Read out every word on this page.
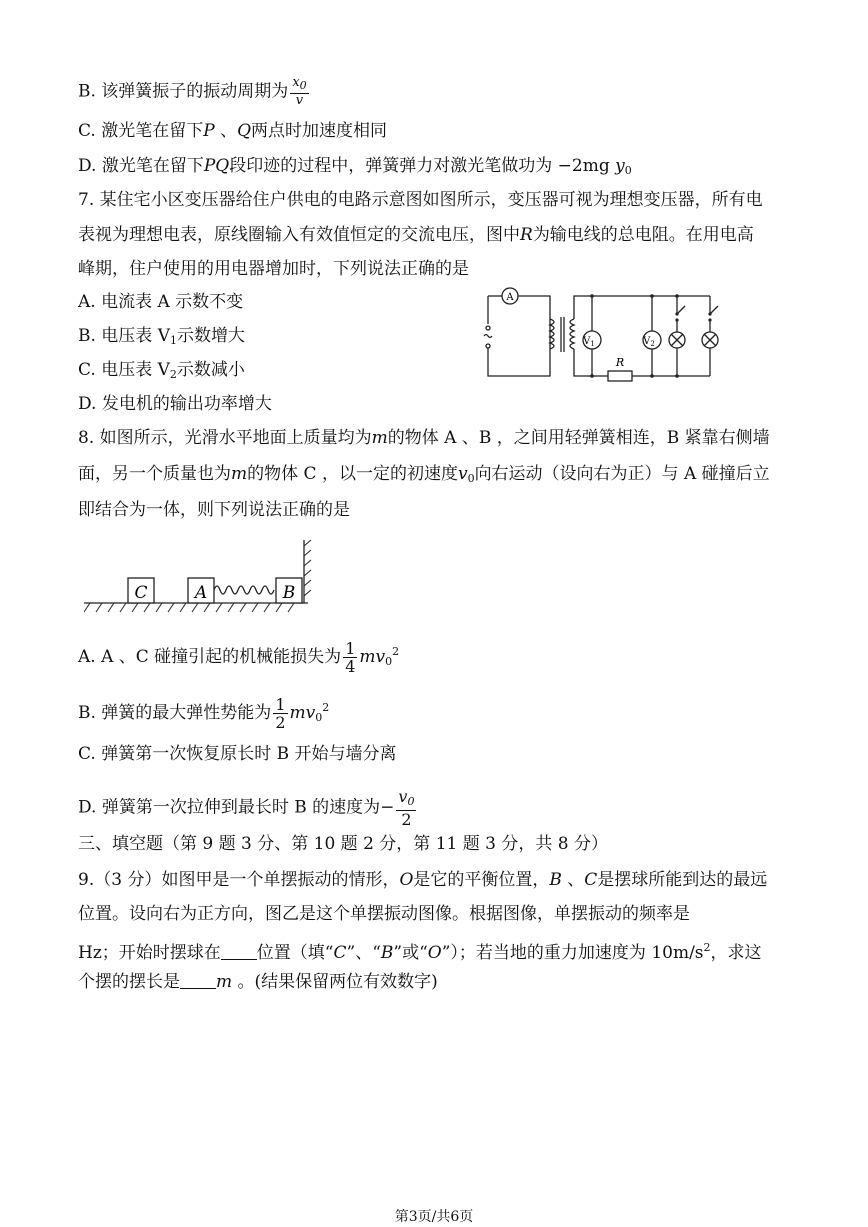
B. 该弹簧振子的振动周期为 $\frac{x_0}{v}$
C. 激光笔在留下P 、Q两点时加速度相同
D. 激光笔在留下PQ段印迹的过程中，弹簧弹力对激光笔做功为 −2mg $y_0$
7. 某住宅小区变压器给住户供电的电路示意图如图所示，变压器可视为理想变压器，所有电
表视为理想电表，原线圈输入有效值恒定的交流电压，图中R为输电线的总电阻。在用电高
峰期，住户使用的用电器增加时，下列说法正确的是
A. 电流表 A 示数不变
B. 电压表 $V_1$示数增大
C. 电压表 $V_2$示数减小
D. 发电机的输出功率增大
A
$V_1$	$V_2$
R
8. 如图所示，光滑水平地面上质量均为m的物体 A 、B ，之间用轻弹簧相连，B 紧靠右侧墙
面，另一个质量也为m的物体 C ，以一定的初速度$v_0$向右运动（设向右为正）与 A 碰撞后立
即结合为一体，则下列说法正确的是
C	A	B
A. A 、C 碰撞引起的机械能损失为 $\frac{1}{4} mv_0^2$
B. 弹簧的最大弹性势能为 $\frac{1}{2} mv_0^2$
C. 弹簧第一次恢复原长时 B 开始与墙分离
D. 弹簧第一次拉伸到最长时 B 的速度为− $\frac{v_0}{2}$
三、填空题（第 9 题 3 分、第 10 题 2 分，第 11 题 3 分，共 8 分）
9.（3 分）如图甲是一个单摆振动的情形，O是它的平衡位置，B 、C是摆球所能到达的最远
位置。设向右为正方向，图乙是这个单摆振动图像。根据图像，单摆振动的频率是
Hz；开始时摆球在 位置（填“C”、“B”或“O”）；若当地的重力加速度为 $10m/s^2$，求这
个摆的摆长是 m 。(结果保留两位有效数字)
第3页/共6页
